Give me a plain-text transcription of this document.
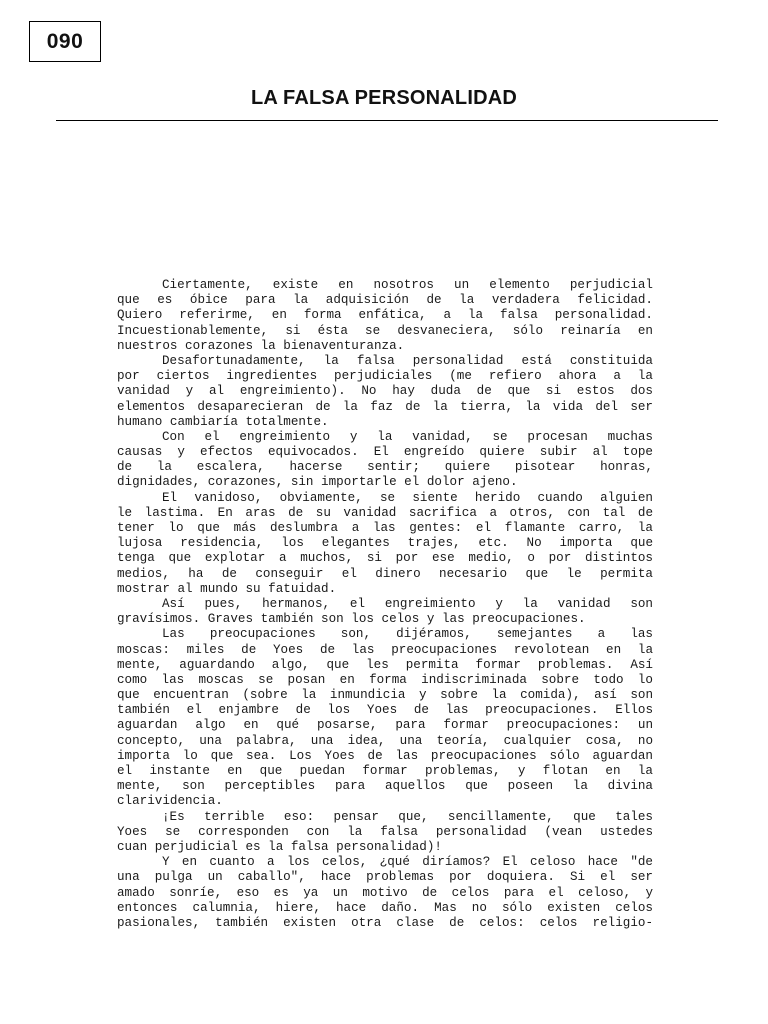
090
LA FALSA PERSONALIDAD
Ciertamente, existe en nosotros un elemento perjudicial
que es óbice para la adquisición de la verdadera felicidad.
Quiero referirme, en forma enfática, a la falsa personalidad.
Incuestionablemente, si ésta se desvaneciera, sólo reinaría en
nuestros corazones la bienaventuranza.
Desafortunadamente, la falsa personalidad está constituida
por ciertos ingredientes perjudiciales (me refiero ahora a la
vanidad y al engreimiento). No hay duda de que si estos dos
elementos desaparecieran de la faz de la tierra, la vida del ser
humano cambiaría totalmente.
Con el engreimiento y la vanidad, se procesan muchas
causas y efectos equivocados. El engreído quiere subir al tope
de la escalera, hacerse sentir; quiere pisotear honras,
dignidades, corazones, sin importarle el dolor ajeno.
El vanidoso, obviamente, se siente herido cuando alguien
le lastima. En aras de su vanidad sacrifica a otros, con tal de
tener lo que más deslumbra a las gentes: el flamante carro, la
lujosa residencia, los elegantes trajes, etc. No importa que
tenga que explotar a muchos, si por ese medio, o por distintos
medios, ha de conseguir el dinero necesario que le permita
mostrar al mundo su fatuidad.
Así pues, hermanos, el engreimiento y la vanidad son
gravísimos. Graves también son los celos y las preocupaciones.
Las preocupaciones son, dijéramos, semejantes a las
moscas: miles de Yoes de las preocupaciones revolotean en la
mente, aguardando algo, que les permita formar problemas. Así
como las moscas se posan en forma indiscriminada sobre todo lo
que encuentran (sobre la inmundicia y sobre la comida), así son
también el enjambre de los Yoes de las preocupaciones. Ellos
aguardan algo en qué posarse, para formar preocupaciones: un
concepto, una palabra, una idea, una teoría, cualquier cosa, no
importa lo que sea. Los Yoes de las preocupaciones sólo aguardan
el instante en que puedan formar problemas, y flotan en la
mente, son perceptibles para aquellos que poseen la divina
clarividencia.
¡Es terrible eso: pensar que, sencillamente, que tales
Yoes se corresponden con la falsa personalidad (vean ustedes
cuan perjudicial es la falsa personalidad)!
Y en cuanto a los celos, ¿qué diríamos? El celoso hace "de
una pulga un caballo", hace problemas por doquiera. Si el ser
amado sonríe, eso es ya un motivo de celos para el celoso, y
entonces calumnia, hiere, hace daño. Mas no sólo existen celos
pasionales, también existen otra clase de celos: celos religio-
